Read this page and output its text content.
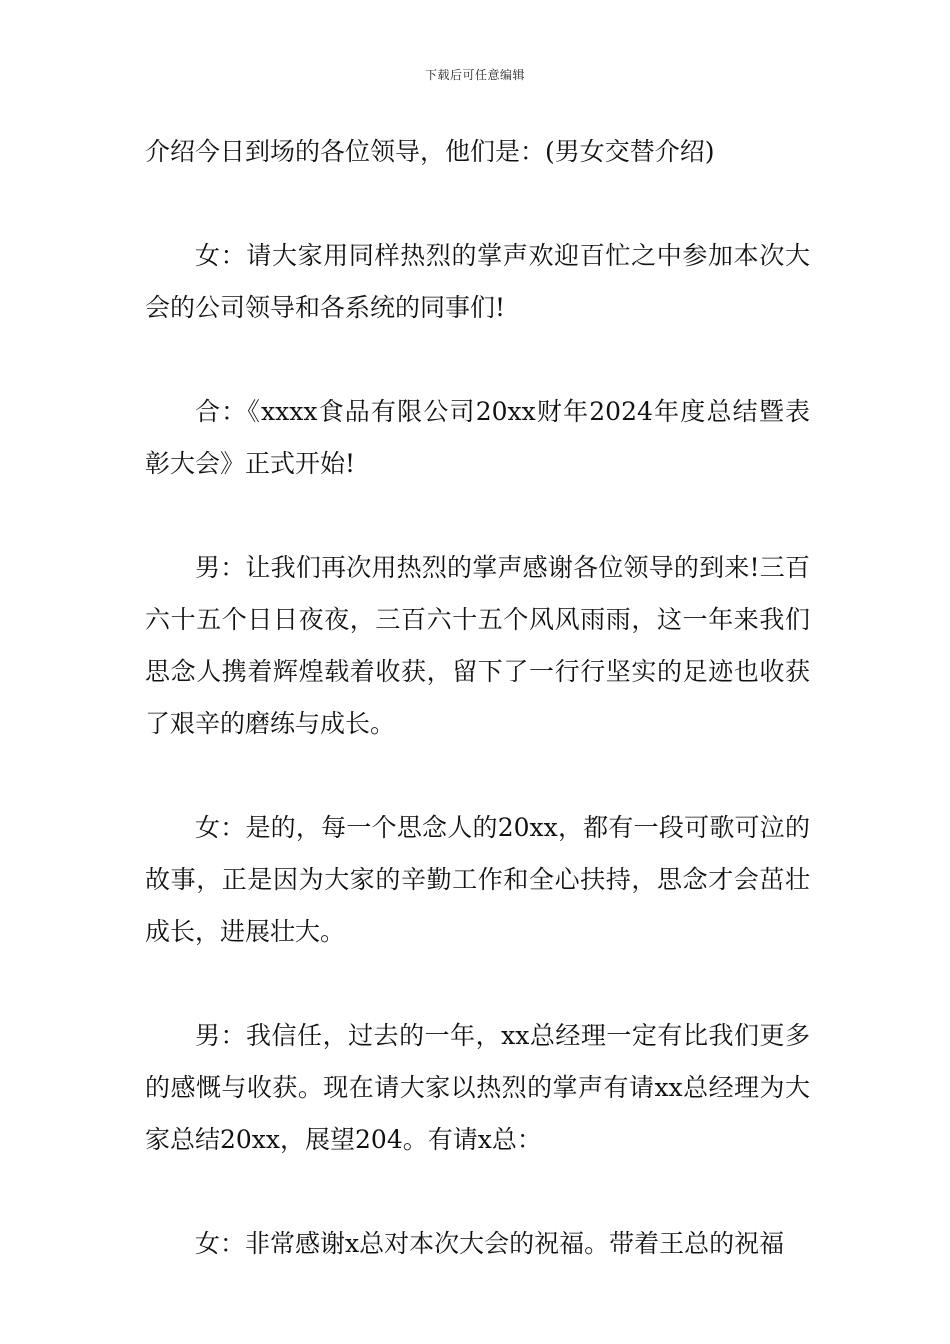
下载后可任意编辑

介绍今日到场的各位领导，他们是：(男女交替介绍)

女：请大家用同样热烈的掌声欢迎百忙之中参加本次大会的公司领导和各系统的同事们!

合：《xxxx食品有限公司20xx财年2024年度总结暨表彰大会》正式开始!

男：让我们再次用热烈的掌声感谢各位领导的到来!三百六十五个日日夜夜，三百六十五个风风雨雨，这一年来我们思念人携着辉煌载着收获，留下了一行行坚实的足迹也收获了艰辛的磨练与成长。

女：是的，每一个思念人的20xx，都有一段可歌可泣的故事，正是因为大家的辛勤工作和全心扶持，思念才会茁壮成长，进展壮大。

男：我信任，过去的一年，xx总经理一定有比我们更多的感慨与收获。现在请大家以热烈的掌声有请xx总经理为大家总结20xx，展望204。有请x总：

女：非常感谢x总对本次大会的祝福。带着王总的祝福
